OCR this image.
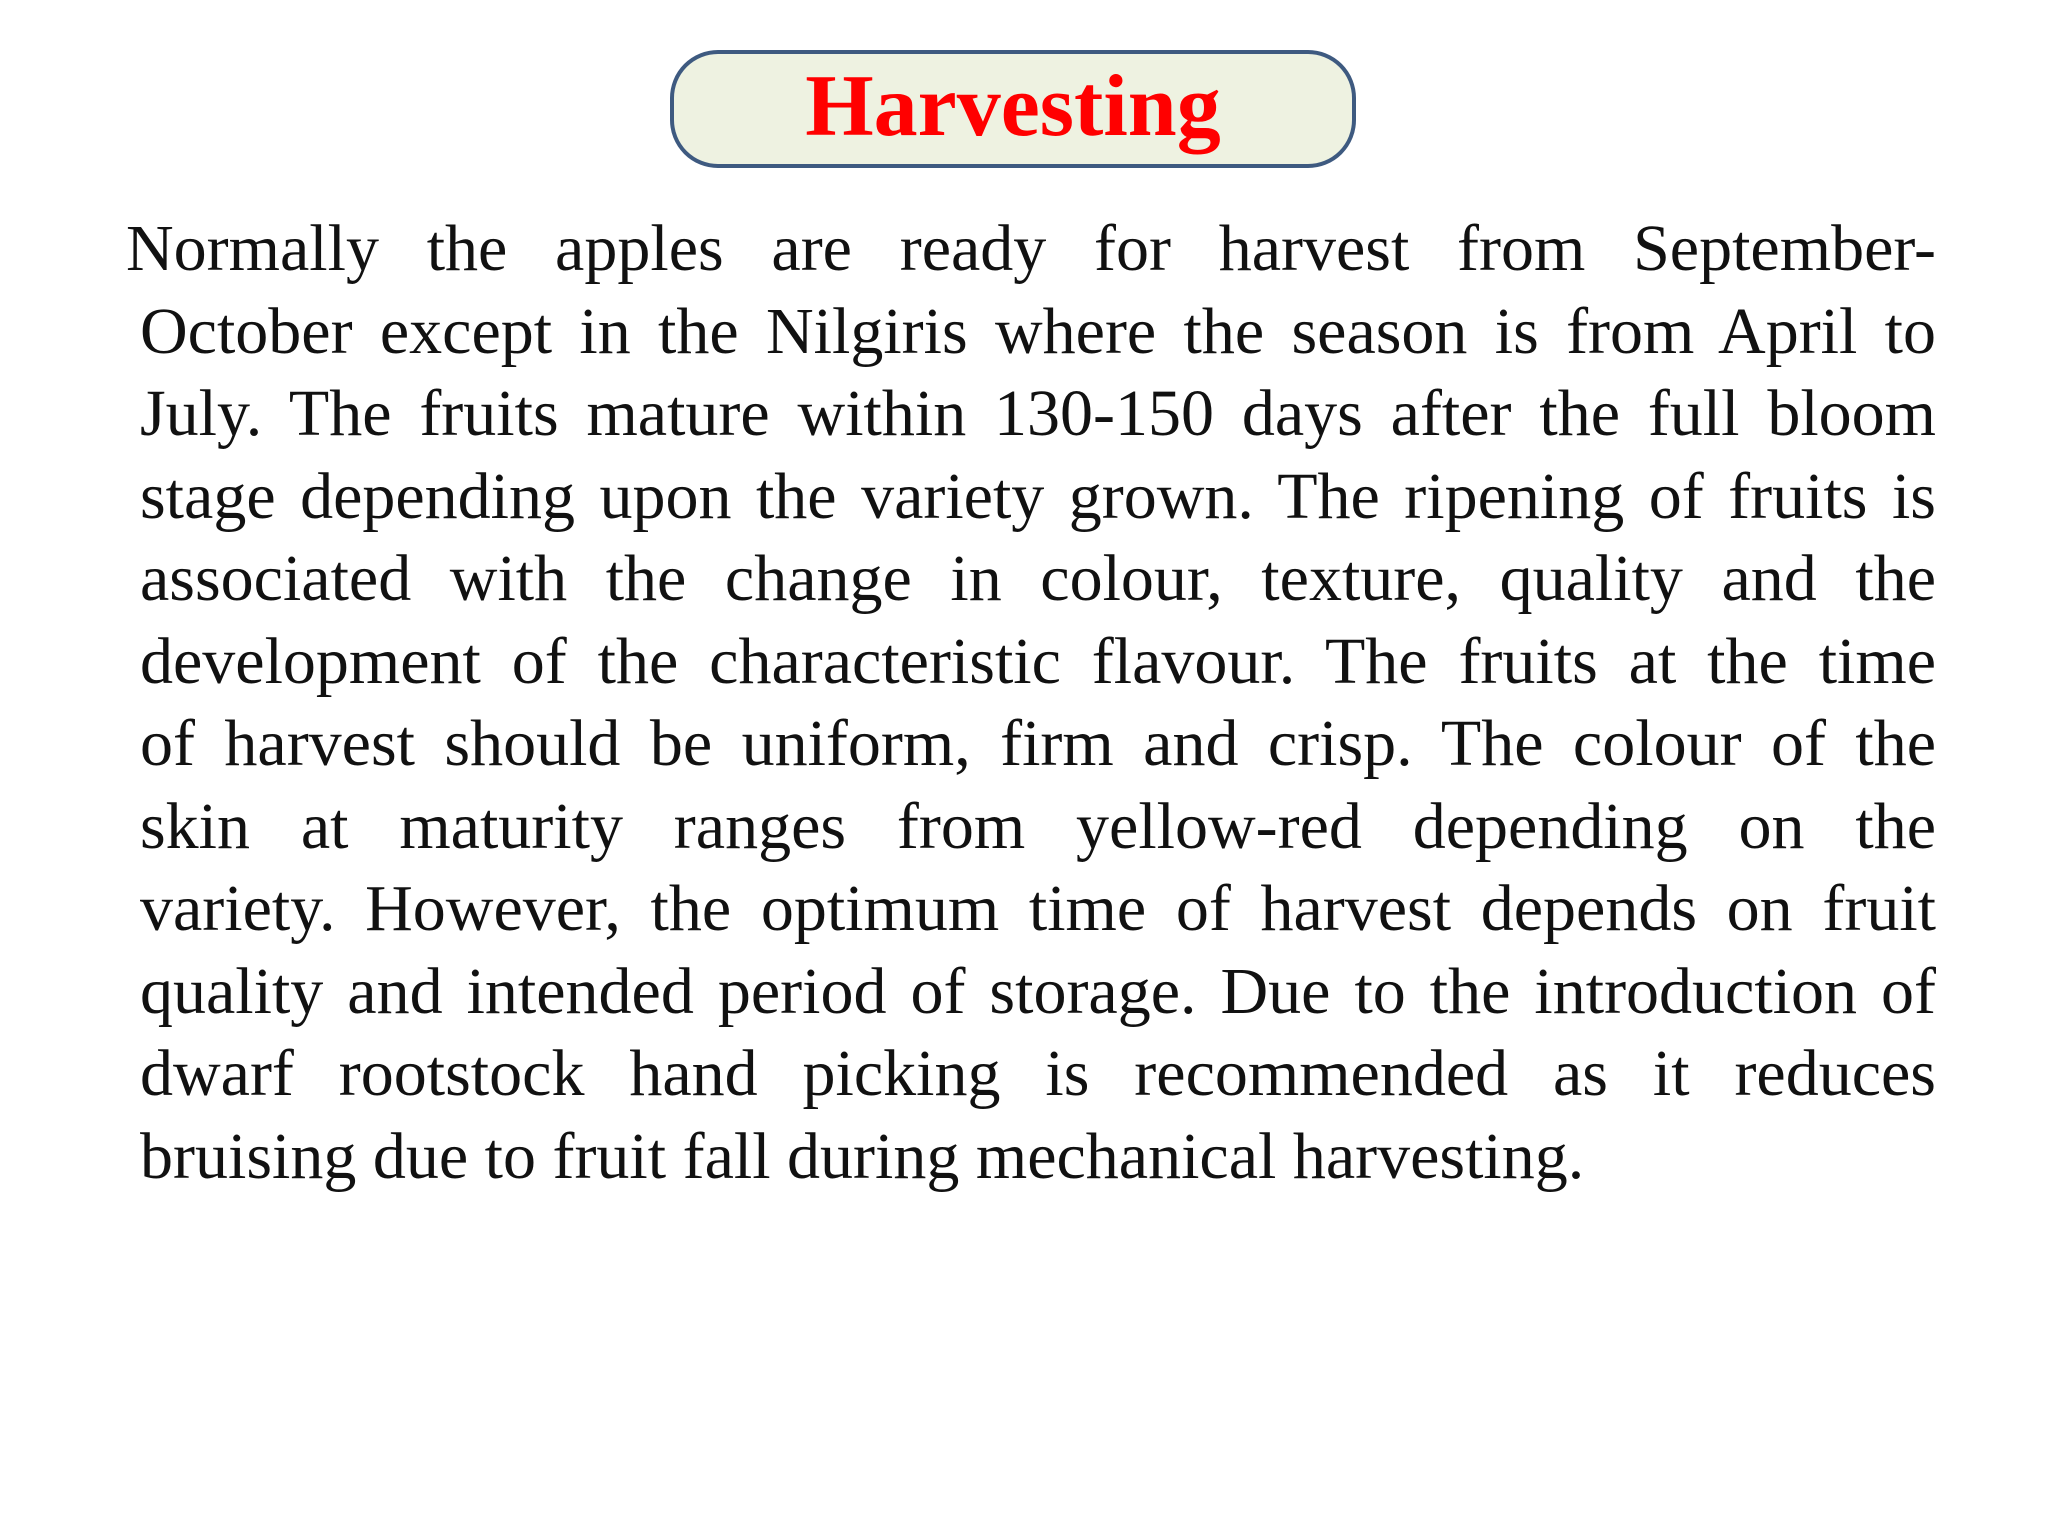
Harvesting
Normally the apples are ready for harvest from September-
October except in the Nilgiris where the season is from April to
July. The fruits mature within 130-150 days after the full bloom
stage depending upon the variety grown. The ripening of fruits is
associated with the change in colour, texture, quality and the
development of the characteristic flavour. The fruits at the time
of harvest should be uniform, firm and crisp. The colour of the
skin at maturity ranges from yellow-red depending on the
variety. However, the optimum time of harvest depends on fruit
quality and intended period of storage. Due to the introduction of
dwarf rootstock hand picking is recommended as it reduces
bruising due to fruit fall during mechanical harvesting.
